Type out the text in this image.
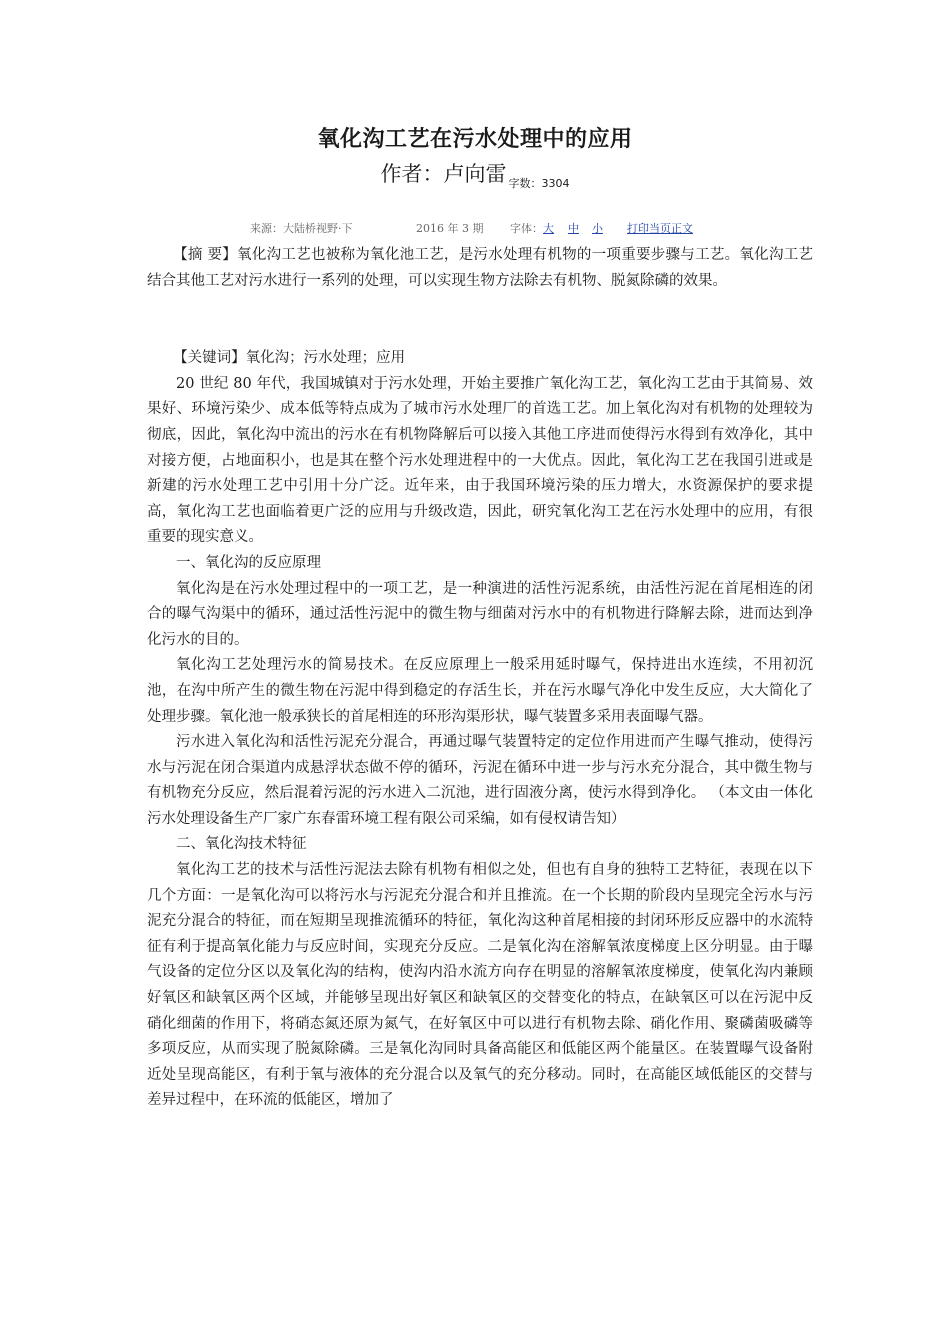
氧化沟工艺在污水处理中的应用
作者：卢向雷 $_{字数:3304}$
来源：大陆桥视野·下	2016 年 3 期 字体： 大 中 小 打印当页正文

【摘 要】氧化沟工艺也被称为氧化池工艺，是污水处理有机物的一项重要步骤与工艺。氧化沟工艺结合其他工艺对污水进行一系列的处理，可以实现生物方法除去有机物、脱氮除磷的效果。

【关键词】氧化沟；污水处理；应用

20 世纪 80 年代，我国城镇对于污水处理，开始主要推广氧化沟工艺，氧化沟工艺由于其简易、效果好、环境污染少、成本低等特点成为了城市污水处理厂的首选工艺。加上氧化沟对有机物的处理较为彻底，因此，氧化沟中流出的污水在有机物降解后可以接入其他工序进而使得污水得到有效净化，其中对接方便，占地面积小，也是其在整个污水处理进程中的一大优点。因此，氧化沟工艺在我国引进或是新建的污水处理工艺中引用十分广泛。近年来，由于我国环境污染的压力增大，水资源保护的要求提高，氧化沟工艺也面临着更广泛的应用与升级改造，因此，研究氧化沟工艺在污水处理中的应用，有很重要的现实意义。

一、氧化沟的反应原理

氧化沟是在污水处理过程中的一项工艺，是一种演进的活性污泥系统，由活性污泥在首尾相连的闭合的曝气沟渠中的循环，通过活性污泥中的微生物与细菌对污水中的有机物进行降解去除，进而达到净化污水的目的。

氧化沟工艺处理污水的简易技术。在反应原理上一般采用延时曝气，保持进出水连续，不用初沉池，在沟中所产生的微生物在污泥中得到稳定的存活生长，并在污水曝气净化中发生反应，大大简化了处理步骤。氧化池一般承狭长的首尾相连的环形沟渠形状，曝气装置多采用表面曝气器。

污水进入氧化沟和活性污泥充分混合，再通过曝气装置特定的定位作用进而产生曝气推动，使得污水与污泥在闭合渠道内成悬浮状态做不停的循环，污泥在循环中进一步与污水充分混合，其中微生物与有机物充分反应，然后混着污泥的污水进入二沉池，进行固液分离，使污水得到净化。 （本文由一体化污水处理设备生产厂家广东春雷环境工程有限公司采编，如有侵权请告知）

二、氧化沟技术特征

氧化沟工艺的技术与活性污泥法去除有机物有相似之处，但也有自身的独特工艺特征，表现在以下几个方面：一是氧化沟可以将污水与污泥充分混合和并且推流。在一个长期的阶段内呈现完全污水与污泥充分混合的特征，而在短期呈现推流循环的特征，氧化沟这种首尾相接的封闭环形反应器中的水流特征有利于提高氧化能力与反应时间，实现充分反应。二是氧化沟在溶解氧浓度梯度上区分明显。由于曝气设备的定位分区以及氧化沟的结构，使沟内沿水流方向存在明显的溶解氧浓度梯度，使氧化沟内兼顾好氧区和缺氧区两个区域，并能够呈现出好氧区和缺氧区的交替变化的特点，在缺氧区可以在污泥中反硝化细菌的作用下，将硝态氮还原为氮气，在好氧区中可以进行有机物去除、硝化作用、聚磷菌吸磷等多项反应，从而实现了脱氮除磷。三是氧化沟同时具备高能区和低能区两个能量区。在装置曝气设备附近处呈现高能区，有利于氧与液体的充分混合以及氧气的充分移动。同时，在高能区域低能区的交替与差异过程中，在环流的低能区，增加了
